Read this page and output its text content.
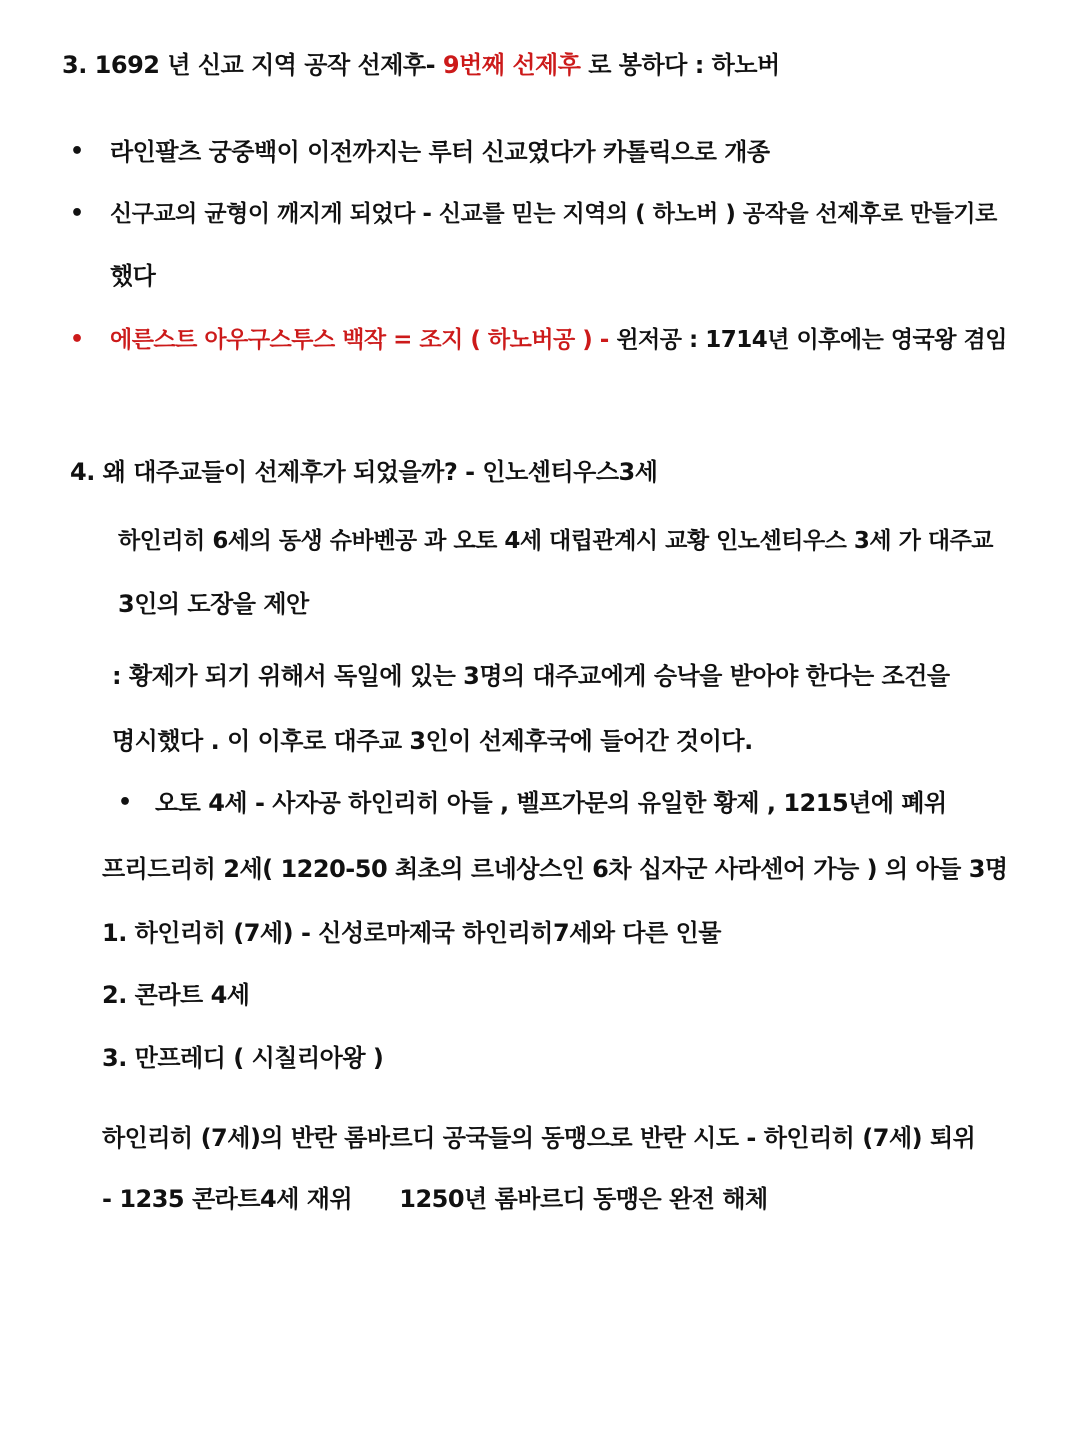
3. 1692 년 신교 지역 공작 선제후- 9번째 선제후 로 봉하다 : 하노버
• 라인팔츠 궁중백이 이전까지는 루터 신교였다가 카톨릭으로 개종
• 신구교의 균형이 깨지게 되었다 - 신교를 믿는 지역의 ( 하노버 ) 공작을 선제후로 만들기로
했다
• 에른스트 아우구스투스 백작 = 조지 ( 하노버공 ) - 윈저공 : 1714년 이후에는 영국왕 겸임
4. 왜 대주교들이 선제후가 되었을까? - 인노센티우스3세
하인리히 6세의 동생 슈바벤공 과 오토 4세 대립관계시 교황 인노센티우스 3세 가 대주교
3인의 도장을 제안
: 황제가 되기 위해서 독일에 있는 3명의 대주교에게 승낙을 받아야 한다는 조건을
명시했다 . 이 이후로 대주교 3인이 선제후국에 들어간 것이다.
• 오토 4세 - 사자공 하인리히 아들 , 벨프가문의 유일한 황제 , 1215년에 폐위
프리드리히 2세( 1220-50 최초의 르네상스인 6차 십자군 사라센어 가능 ) 의 아들 3명
1. 하인리히 (7세) - 신성로마제국 하인리히7세와 다른 인물
2. 콘라트 4세
3. 만프레디 ( 시칠리아왕 )
하인리히 (7세)의 반란 롬바르디 공국들의 동맹으로 반란 시도 - 하인리히 (7세) 퇴위
- 1235 콘라트4세 재위      1250년 롬바르디 동맹은 완전 해체
